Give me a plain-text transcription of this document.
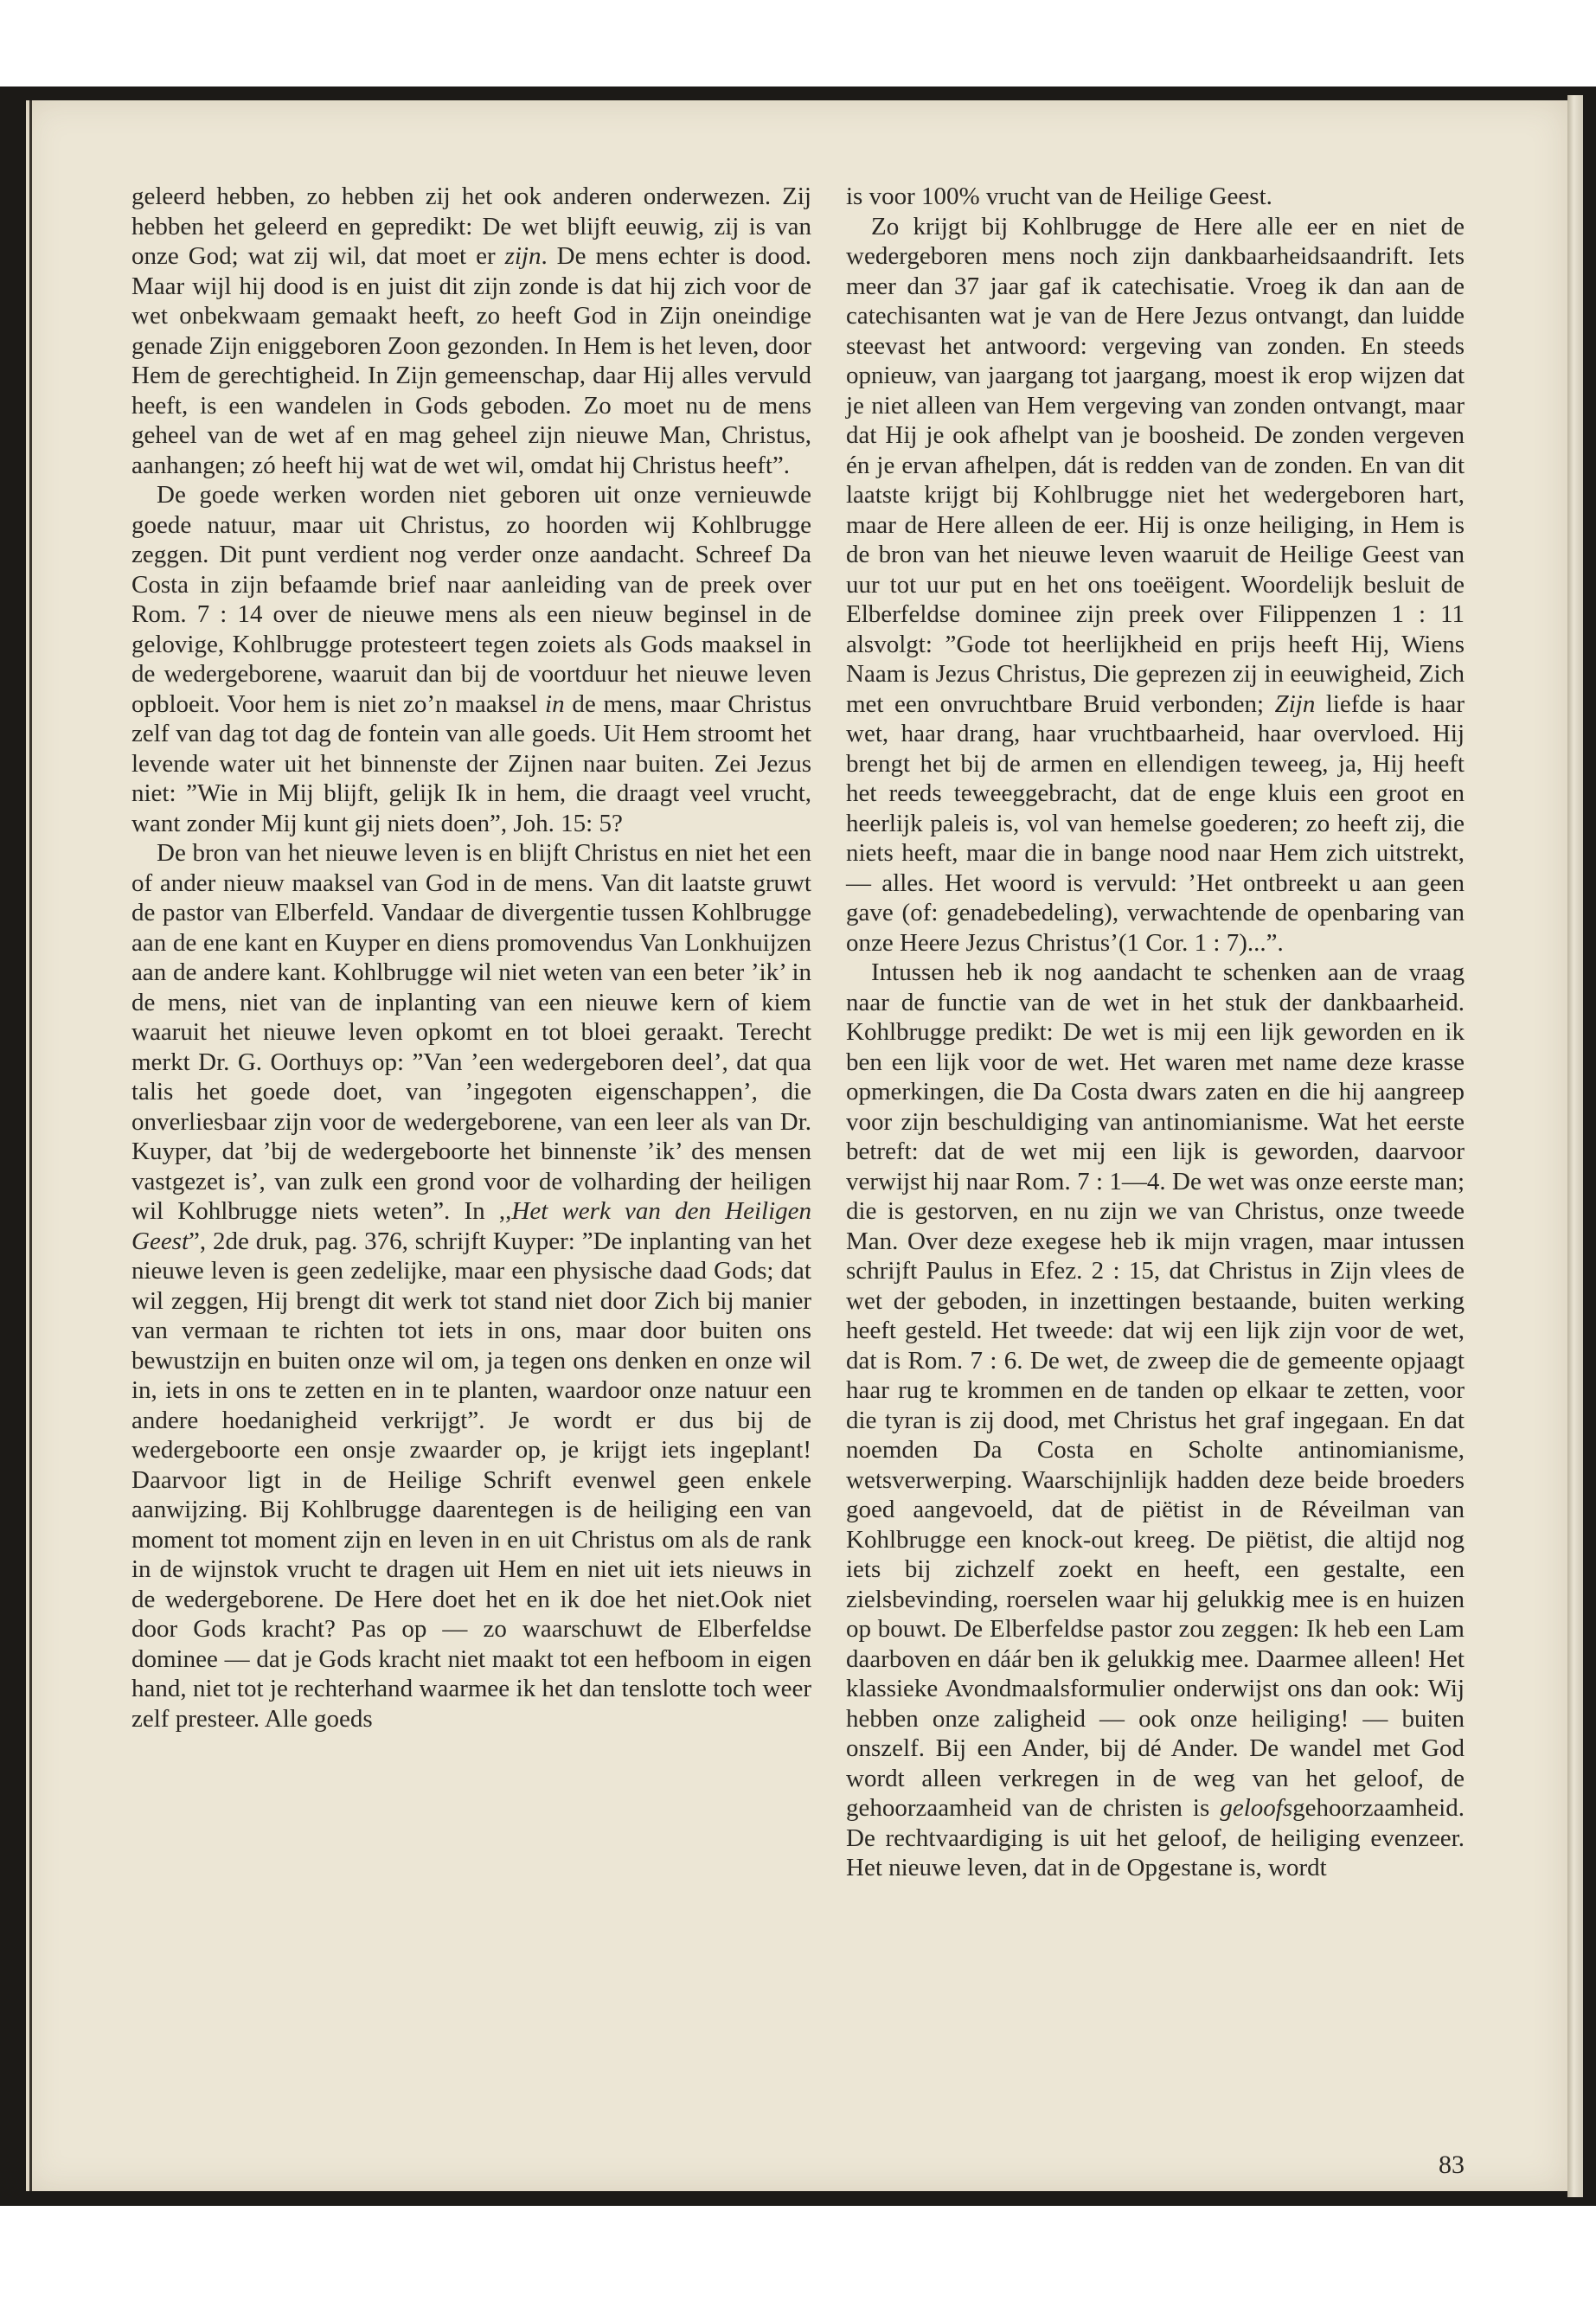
geleerd hebben, zo hebben zij het ook anderen onderwezen. Zij hebben het geleerd en gepredikt: De wet blijft eeuwig, zij is van onze God; wat zij wil, dat moet er zijn. De mens echter is dood. Maar wijl hij dood is en juist dit zijn zonde is dat hij zich voor de wet onbekwaam gemaakt heeft, zo heeft God in Zijn oneindige genade Zijn eniggeboren Zoon gezonden. In Hem is het leven, door Hem de gerechtigheid. In Zijn gemeenschap, daar Hij alles vervuld heeft, is een wandelen in Gods geboden. Zo moet nu de mens geheel van de wet af en mag geheel zijn nieuwe Man, Christus, aanhangen; zó heeft hij wat de wet wil, omdat hij Christus heeft”.

De goede werken worden niet geboren uit onze vernieuwde goede natuur, maar uit Christus, zo hoorden wij Kohlbrugge zeggen. Dit punt verdient nog verder onze aandacht. Schreef Da Costa in zijn befaamde brief naar aanleiding van de preek over Rom. 7 : 14 over de nieuwe mens als een nieuw beginsel in de gelovige, Kohlbrugge protesteert tegen zoiets als Gods maaksel in de wedergeborene, waaruit dan bij de voortduur het nieuwe leven opbloeit. Voor hem is niet zo’n maaksel in de mens, maar Christus zelf van dag tot dag de fontein van alle goeds. Uit Hem stroomt het levende water uit het binnenste der Zijnen naar buiten. Zei Jezus niet: ”Wie in Mij blijft, gelijk Ik in hem, die draagt veel vrucht, want zonder Mij kunt gij niets doen”, Joh. 15: 5?

De bron van het nieuwe leven is en blijft Christus en niet het een of ander nieuw maaksel van God in de mens. Van dit laatste gruwt de pastor van Elberfeld. Vandaar de divergentie tussen Kohlbrugge aan de ene kant en Kuyper en diens promovendus Van Lonkhuijzen aan de andere kant. Kohlbrugge wil niet weten van een beter ’ik’ in de mens, niet van de inplanting van een nieuwe kern of kiem waaruit het nieuwe leven opkomt en tot bloei geraakt. Terecht merkt Dr. G. Oorthuys op: ”Van ’een wedergeboren deel’, dat qua talis het goede doet, van ’ingegoten eigenschappen’, die onverliesbaar zijn voor de wedergeborene, van een leer als van Dr. Kuyper, dat ’bij de wedergeboorte het binnenste ’ik’ des mensen vastgezet is’, van zulk een grond voor de volharding der heiligen wil Kohlbrugge niets weten”. In ,,Het werk van den Heiligen Geest”, 2de druk, pag. 376, schrijft Kuyper: ”De inplanting van het nieuwe leven is geen zedelijke, maar een physische daad Gods; dat wil zeggen, Hij brengt dit werk tot stand niet door Zich bij manier van vermaan te richten tot iets in ons, maar door buiten ons bewustzijn en buiten onze wil om, ja tegen ons denken en onze wil in, iets in ons te zetten en in te planten, waardoor onze natuur een andere hoedanigheid verkrijgt”. Je wordt er dus bij de wedergeboorte een onsje zwaarder op, je krijgt iets ingeplant! Daarvoor ligt in de Heilige Schrift evenwel geen enkele aanwijzing. Bij Kohlbrugge daarentegen is de heiliging een van moment tot moment zijn en leven in en uit Christus om als de rank in de wijnstok vrucht te dragen uit Hem en niet uit iets nieuws in de wedergeborene. De Here doet het en ik doe het niet.Ook niet door Gods kracht? Pas op — zo waarschuwt de Elberfeldse dominee — dat je Gods kracht niet maakt tot een hefboom in eigen hand, niet tot je rechterhand waarmee ik het dan tenslotte toch weer zelf presteer. Alle goeds

is voor 100% vrucht van de Heilige Geest.

Zo krijgt bij Kohlbrugge de Here alle eer en niet de wedergeboren mens noch zijn dankbaarheidsaandrift. Iets meer dan 37 jaar gaf ik catechisatie. Vroeg ik dan aan de catechisanten wat je van de Here Jezus ontvangt, dan luidde steevast het antwoord: vergeving van zonden. En steeds opnieuw, van jaargang tot jaargang, moest ik erop wijzen dat je niet alleen van Hem vergeving van zonden ontvangt, maar dat Hij je ook afhelpt van je boosheid. De zonden vergeven én je ervan afhelpen, dát is redden van de zonden. En van dit laatste krijgt bij Kohlbrugge niet het wedergeboren hart, maar de Here alleen de eer. Hij is onze heiliging, in Hem is de bron van het nieuwe leven waaruit de Heilige Geest van uur tot uur put en het ons toeëigent. Woordelijk besluit de Elberfeldse dominee zijn preek over Filippenzen 1 : 11 alsvolgt: ”Gode tot heerlijkheid en prijs heeft Hij, Wiens Naam is Jezus Christus, Die geprezen zij in eeuwigheid, Zich met een onvruchtbare Bruid verbonden; Zijn liefde is haar wet, haar drang, haar vruchtbaarheid, haar overvloed. Hij brengt het bij de armen en ellendigen teweeg, ja, Hij heeft het reeds teweeggebracht, dat de enge kluis een groot en heerlijk paleis is, vol van hemelse goederen; zo heeft zij, die niets heeft, maar die in bange nood naar Hem zich uitstrekt, — alles. Het woord is vervuld: ’Het ontbreekt u aan geen gave (of: genadebedeling), verwachtende de openbaring van onze Heere Jezus Christus’(1 Cor. 1 : 7)...”.

Intussen heb ik nog aandacht te schenken aan de vraag naar de functie van de wet in het stuk der dankbaarheid. Kohlbrugge predikt: De wet is mij een lijk geworden en ik ben een lijk voor de wet. Het waren met name deze krasse opmerkingen, die Da Costa dwars zaten en die hij aangreep voor zijn beschuldiging van antinomianisme. Wat het eerste betreft: dat de wet mij een lijk is geworden, daarvoor verwijst hij naar Rom. 7 : 1—4. De wet was onze eerste man; die is gestorven, en nu zijn we van Christus, onze tweede Man. Over deze exegese heb ik mijn vragen, maar intussen schrijft Paulus in Efez. 2 : 15, dat Christus in Zijn vlees de wet der geboden, in inzettingen bestaande, buiten werking heeft gesteld. Het tweede: dat wij een lijk zijn voor de wet, dat is Rom. 7 : 6. De wet, de zweep die de gemeente opjaagt haar rug te krommen en de tanden op elkaar te zetten, voor die tyran is zij dood, met Christus het graf ingegaan. En dat noemden Da Costa en Scholte antinomianisme, wetsverwerping. Waarschijnlijk hadden deze beide broeders goed aangevoeld, dat de piëtist in de Réveilman van Kohlbrugge een knock-out kreeg. De piëtist, die altijd nog iets bij zichzelf zoekt en heeft, een gestalte, een zielsbevinding, roerselen waar hij gelukkig mee is en huizen op bouwt. De Elberfeldse pastor zou zeggen: Ik heb een Lam daarboven en dáár ben ik gelukkig mee. Daarmee alleen! Het klassieke Avondmaalsformulier onderwijst ons dan ook: Wij hebben onze zaligheid — ook onze heiliging! — buiten onszelf. Bij een Ander, bij dé Ander. De wandel met God wordt alleen verkregen in de weg van het geloof, de gehoorzaamheid van de christen is geloofsgehoorzaamheid. De rechtvaardiging is uit het geloof, de heiliging evenzeer. Het nieuwe leven, dat in de Opgestane is, wordt

83
